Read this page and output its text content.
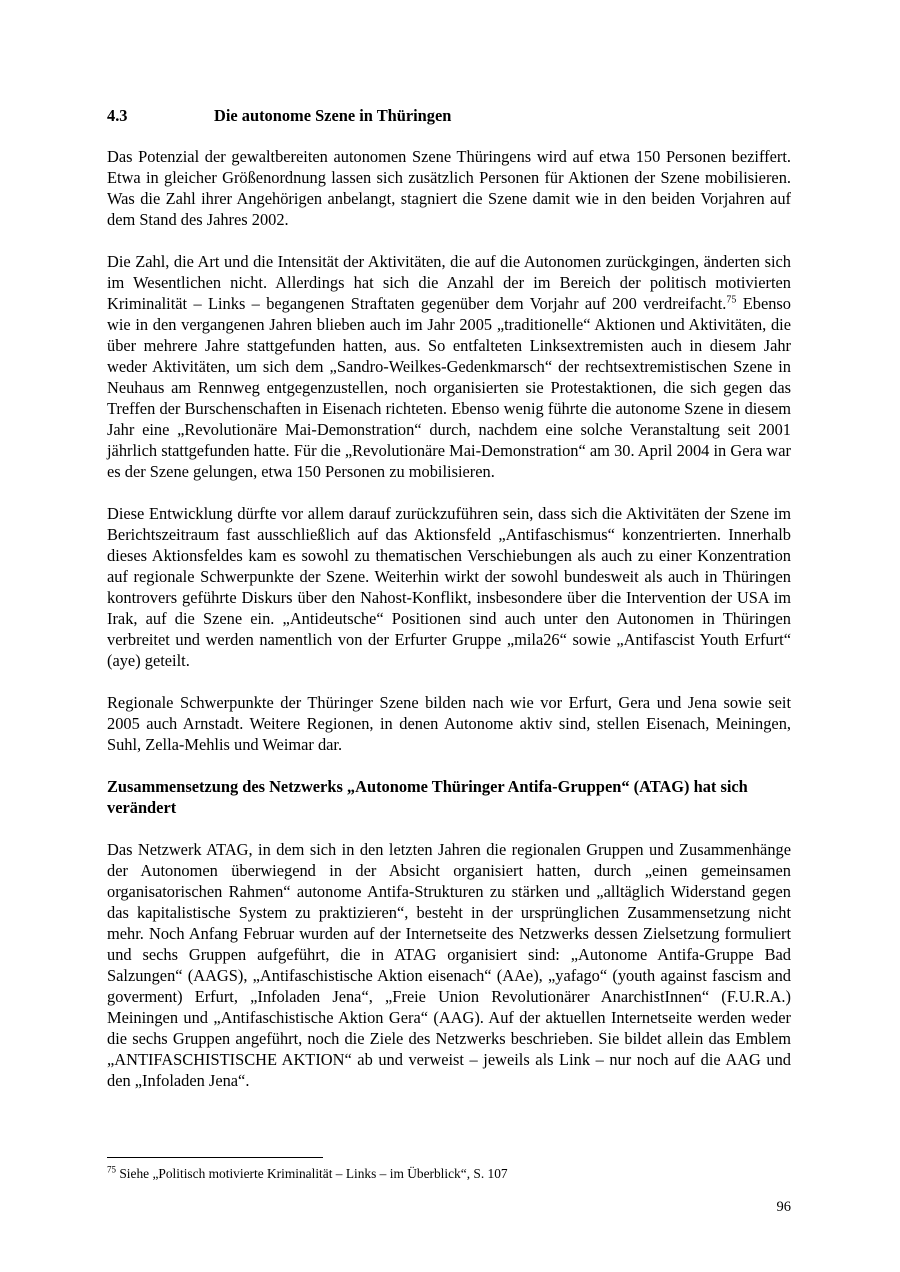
4.3	Die autonome Szene in Thüringen

Das Potenzial der gewaltbereiten autonomen Szene Thüringens wird auf etwa 150 Personen beziffert. Etwa in gleicher Größenordnung lassen sich zusätzlich Personen für Aktionen der Szene mobilisieren. Was die Zahl ihrer Angehörigen anbelangt, stagniert die Szene damit wie in den beiden Vorjahren auf dem Stand des Jahres 2002.

Die Zahl, die Art und die Intensität der Aktivitäten, die auf die Autonomen zurückgingen, änderten sich im Wesentlichen nicht. Allerdings hat sich die Anzahl der im Bereich der politisch motivierten Kriminalität – Links – begangenen Straftaten gegenüber dem Vorjahr auf 200 verdreifacht.$^{75}$ Ebenso wie in den vergangenen Jahren blieben auch im Jahr 2005 „traditionelle“ Aktionen und Aktivitäten, die über mehrere Jahre stattgefunden hatten, aus. So entfalteten Linksextremisten auch in diesem Jahr weder Aktivitäten, um sich dem „Sandro-Weilkes-Gedenkmarsch“ der rechtsextremistischen Szene in Neuhaus am Rennweg entgegenzustellen, noch organisierten sie Protestaktionen, die sich gegen das Treffen der Burschenschaften in Eisenach richteten. Ebenso wenig führte die autonome Szene in diesem Jahr eine „Revolutionäre Mai-Demonstration“ durch, nachdem eine solche Veranstaltung seit 2001 jährlich stattgefunden hatte. Für die „Revolutionäre Mai-Demonstration“ am 30. April 2004 in Gera war es der Szene gelungen, etwa 150 Personen zu mobilisieren.

Diese Entwicklung dürfte vor allem darauf zurückzuführen sein, dass sich die Aktivitäten der Szene im Berichtszeitraum fast ausschließlich auf das Aktionsfeld „Antifaschismus“ konzentrierten. Innerhalb dieses Aktionsfeldes kam es sowohl zu thematischen Verschiebungen als auch zu einer Konzentration auf regionale Schwerpunkte der Szene. Weiterhin wirkt der sowohl bundesweit als auch in Thüringen kontrovers geführte Diskurs über den Nahost-Konflikt, insbesondere über die Intervention der USA im Irak, auf die Szene ein. „Antideutsche“ Positionen sind auch unter den Autonomen in Thüringen verbreitet und werden namentlich von der Erfurter Gruppe „mila26“ sowie „Antifascist Youth Erfurt“ (aye) geteilt.

Regionale Schwerpunkte der Thüringer Szene bilden nach wie vor Erfurt, Gera und Jena sowie seit 2005 auch Arnstadt. Weitere Regionen, in denen Autonome aktiv sind, stellen Eisenach, Meiningen, Suhl, Zella-Mehlis und Weimar dar.

Zusammensetzung des Netzwerks „Autonome Thüringer Antifa-Gruppen“ (ATAG) hat sich verändert

Das Netzwerk ATAG, in dem sich in den letzten Jahren die regionalen Gruppen und Zusammenhänge der Autonomen überwiegend in der Absicht organisiert hatten, durch „einen gemeinsamen organisatorischen Rahmen“ autonome Antifa-Strukturen zu stärken und „alltäglich Widerstand gegen das kapitalistische System zu praktizieren“, besteht in der ursprünglichen Zusammensetzung nicht mehr. Noch Anfang Februar wurden auf der Internetseite des Netzwerks dessen Zielsetzung formuliert und sechs Gruppen aufgeführt, die in ATAG organisiert sind: „Autonome Antifa-Gruppe Bad Salzungen“ (AAGS), „Antifaschistische Aktion eisenach“ (AAe), „yafago“ (youth against fascism and goverment) Erfurt, „Infoladen Jena“, „Freie Union Revolutionärer AnarchistInnen“ (F.U.R.A.) Meiningen und „Antifaschistische Aktion Gera“ (AAG). Auf der aktuellen Internetseite werden weder die sechs Gruppen angeführt, noch die Ziele des Netzwerks beschrieben. Sie bildet allein das Emblem „ANTIFASCHISTISCHE AKTION“ ab und verweist – jeweils als Link – nur noch auf die AAG und den „Infoladen Jena“.

$^{75}$ Siehe „Politisch motivierte Kriminalität – Links – im Überblick“, S. 107
96
